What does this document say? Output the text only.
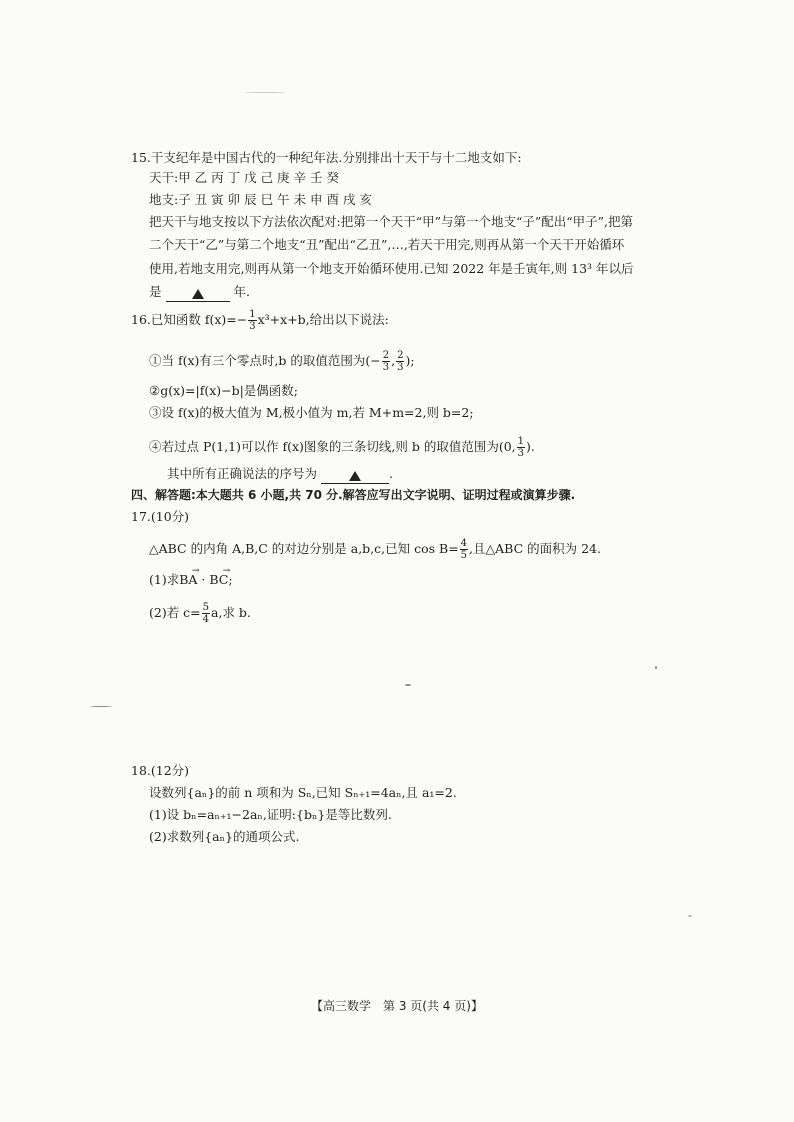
15.干支纪年是中国古代的一种纪年法.分别排出十天干与十二地支如下:
天干:甲 乙 丙 丁 戊 己 庚 辛 壬 癸
地支:子 丑 寅 卯 辰 巳 午 未 申 酉 戌 亥
把天干与地支按以下方法依次配对:把第一个天干“甲”与第一个地支“子”配出“甲子”,把第
二个天干“乙”与第二个地支“丑”配出“乙丑”,…,若天干用完,则再从第一个天干开始循环
使用,若地支用完,则再从第一个地支开始循环使用.已知 2022 年是壬寅年,则 13³ 年以后
是	年.
16.已知函数 $f(x)=- \frac{1}{3} x^3+x+b$,给出以下说法:
①当 f(x)有三个零点时,b 的取值范围为(− $\frac{2}{3}$ , $\frac{2}{3}$ );
②g(x)=|f(x)−b|是偶函数;
③设 f(x)的极大值为 M,极小值为 m,若 M+m=2,则 b=2;
④若过点 P(1,1)可以作 f(x)图象的三条切线,则 b 的取值范围为(0, $\frac{1}{3}$ ).
其中所有正确说法的序号为	.
四、解答题:本大题共 6 小题,共 70 分.解答应写出文字说明、证明过程或演算步骤.
17.(10分)
△ABC 的内角 A,B,C 的对边分别是 a,b,c,已知 $\cos B= \frac{4}{5}$ ,且△ABC 的面积为 24.
(1)求→ BA · → BC;
(2)若 $c= \frac{5}{4} a$,求 b.
18.(12分)
设数列{aₙ}的前 n 项和为 Sₙ,已知 Sₙ₊₁=4aₙ,且 a₁=2.
(1)设 bₙ=aₙ₊₁−2aₙ,证明:{bₙ}是等比数列.
(2)求数列{aₙ}的通项公式.
【高三数学　第 3 页(共 4 页)】
